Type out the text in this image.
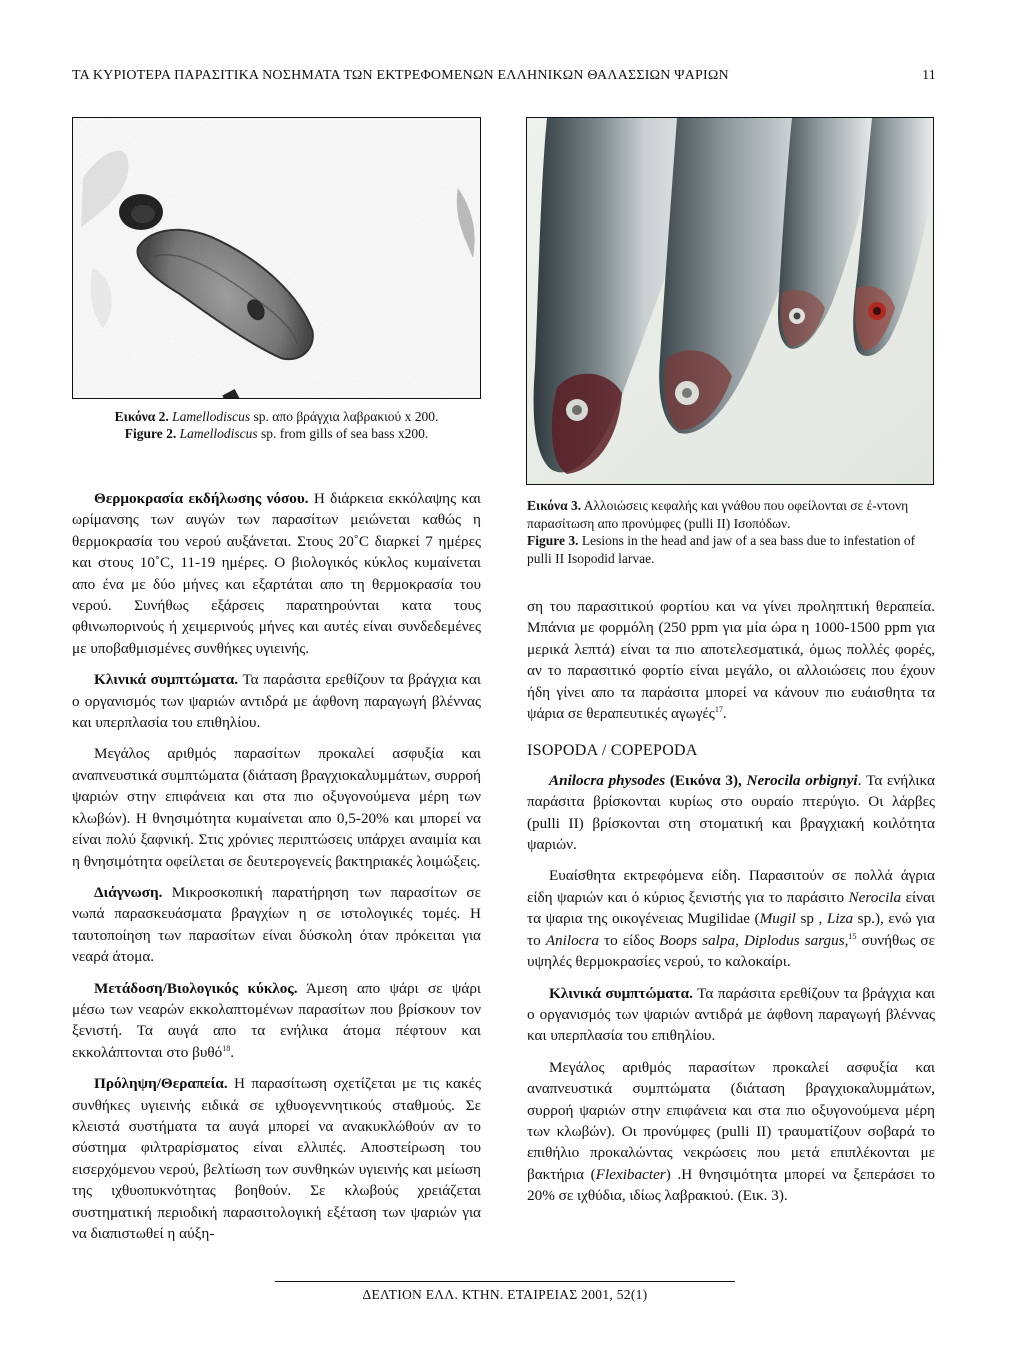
ΤΑ ΚΥΡΙΟΤΕΡΑ ΠΑΡΑΣΙΤΙΚΑ ΝΟΣΗΜΑΤΑ ΤΩΝ ΕΚΤΡΕΦΟΜΕΝΩΝ ΕΛΛΗΝΙΚΩΝ ΘΑΛΑΣΣΙΩΝ ΨΑΡΙΩΝ	11
Εικόνα 2. Lamellodiscus sp. απο βράγχια λαβρακιού x 200.
Figure 2. Lamellodiscus sp. from gills of sea bass x200.

Θερμοκρασία εκδήλωσης νόσου. Η διάρκεια εκκόλαψης και ωρίμανσης των αυγών των παρασίτων μειώνεται καθώς η θερμοκρασία του νερού αυξάνεται. Στους 20˚C διαρκεί 7 ημέρες και στους 10˚C, 11-19 ημέρες. Ο βιολογικός κύκλος κυμαίνεται απο ένα με δύο μήνες και εξαρτάται απο τη θερμοκρασία του νερού. Συνήθως εξάρσεις παρατηρούνται κατα τους φθινωπορινούς ή χειμερινούς μήνες και αυτές είναι συνδεδεμένες με υποβαθμισμένες συνθήκες υγιεινής.

Κλινικά συμπτώματα. Τα παράσιτα ερεθίζουν τα βράγχια και ο οργανισμός των ψαριών αντιδρά με άφθονη παραγωγή βλέννας και υπερπλασία του επιθηλίου.

Μεγάλος αριθμός παρασίτων προκαλεί ασφυξία και αναπνευστικά συμπτώματα (διάταση βραγχιοκαλυμμάτων, συρροή ψαριών στην επιφάνεια και στα πιο οξυγονούμενα μέρη των κλωβών). Η θνησιμότητα κυμαίνεται απο 0,5-20% και μπορεί να είναι πολύ ξαφνική. Στις χρόνιες περιπτώσεις υπάρχει αναιμία και η θνησιμότητα οφείλεται σε δευτερογενείς βακτηριακές λοιμώξεις.

Διάγνωση. Μικροσκοπική παρατήρηση των παρασίτων σε νωπά παρασκευάσματα βραγχίων η σε ιστολογικές τομές. Η ταυτοποίηση των παρασίτων είναι δύσκολη όταν πρόκειται για νεαρά άτομα.

Μετάδοση/Βιολογικός κύκλος. Άμεση απο ψάρι σε ψάρι μέσω των νεαρών εκκολαπτομένων παρασίτων που βρίσκουν τον ξενιστή. Τα αυγά απο τα ενήλικα άτομα πέφτουν και εκκολάπτονται στο βυθό$^{18}$.

Πρόληψη/Θεραπεία. Η παρασίτωση σχετίζεται με τις κακές συνθήκες υγιεινής ειδικά σε ιχθυογεννητικούς σταθμούς. Σε κλειστά συστήματα τα αυγά μπορεί να ανακυκλώθούν αν το σύστημα φιλτραρίσματος είναι ελλιπές. Αποστείρωση του εισερχόμενου νερού, βελτίωση των συνθηκών υγιεινής και μείωση της ιχθυοπυκνότητας βοηθούν. Σε κλωβούς χρειάζεται συστηματική περιοδική παρασιτολογική εξέταση των ψαριών για να διαπιστωθεί η αύξη-

Εικόνα 3. Αλλοιώσεις κεφαλής και γνάθου που οφείλονται σε έ-ντονη παρασίτωση απο προνύμφες (pulli II) Ισοπόδων.
Figure 3. Lesions in the head and jaw of a sea bass due to infestation of pulli II Isopodid larvae.

ση του παρασιτικού φορτίου και να γίνει προληπτική θεραπεία. Μπάνια με φορμόλη (250 ppm για μία ώρα η 1000-1500 ppm για μερικά λεπτά) είναι τα πιο αποτελεσματικά, όμως πολλές φορές, αν το παρασιτικό φορτίο είναι μεγάλο, οι αλλοιώσεις που έχουν ήδη γίνει απο τα παράσιτα μπορεί να κάνουν πιο ευάισθητα τα ψάρια σε θεραπευτικές αγωγές$^{17}$.

ISOPODA / COPEPODA

Anilocra physodes (Εικόνα 3), Nerocila orbignyi. Τα ενήλικα παράσιτα βρίσκονται κυρίως στο ουραίο πτερύγιο. Οι λάρβες (pulli II) βρίσκονται στη στοματική και βραγχιακή κοιλότητα ψαριών.

Ευαίσθητα εκτρεφόμενα είδη. Παρασιτούν σε πολλά άγρια είδη ψαριών και ό κύριος ξενιστής για το παράσιτο Nerocila είναι τα ψαρια της οικογένειας Mugilidae (Mugil sp , Liza sp.), ενώ για το Anilocra το είδος Boops salpa, Diplodus sargus,$^{15}$ συνήθως σε υψηλές θερμοκρασίες νερού, το καλοκαίρι.

Κλινικά συμπτώματα. Τα παράσιτα ερεθίζουν τα βράγχια και ο οργανισμός των ψαριών αντιδρά με άφθονη παραγωγή βλέννας και υπερπλασία του επιθηλίου.

Μεγάλος αριθμός παρασίτων προκαλεί ασφυξία και αναπνευστικά συμπτώματα (διάταση βραγχιοκαλυμμάτων, συρροή ψαριών στην επιφάνεια και στα πιο οξυγονούμενα μέρη των κλωβών). Οι προνύμφες (pulli II) τραυματίζουν σοβαρά το επιθήλιο προκαλώντας νεκρώσεις που μετά επιπλέκονται με βακτήρια (Flexibacter) .Η θνησιμότητα μπορεί να ξεπεράσει το 20% σε ιχθύδια, ιδίως λαβρακιού. (Εικ. 3).

ΔΕΛΤΙΟΝ ΕΛΛ. ΚΤΗΝ. ΕΤΑΙΡΕΙΑΣ 2001, 52(1)
